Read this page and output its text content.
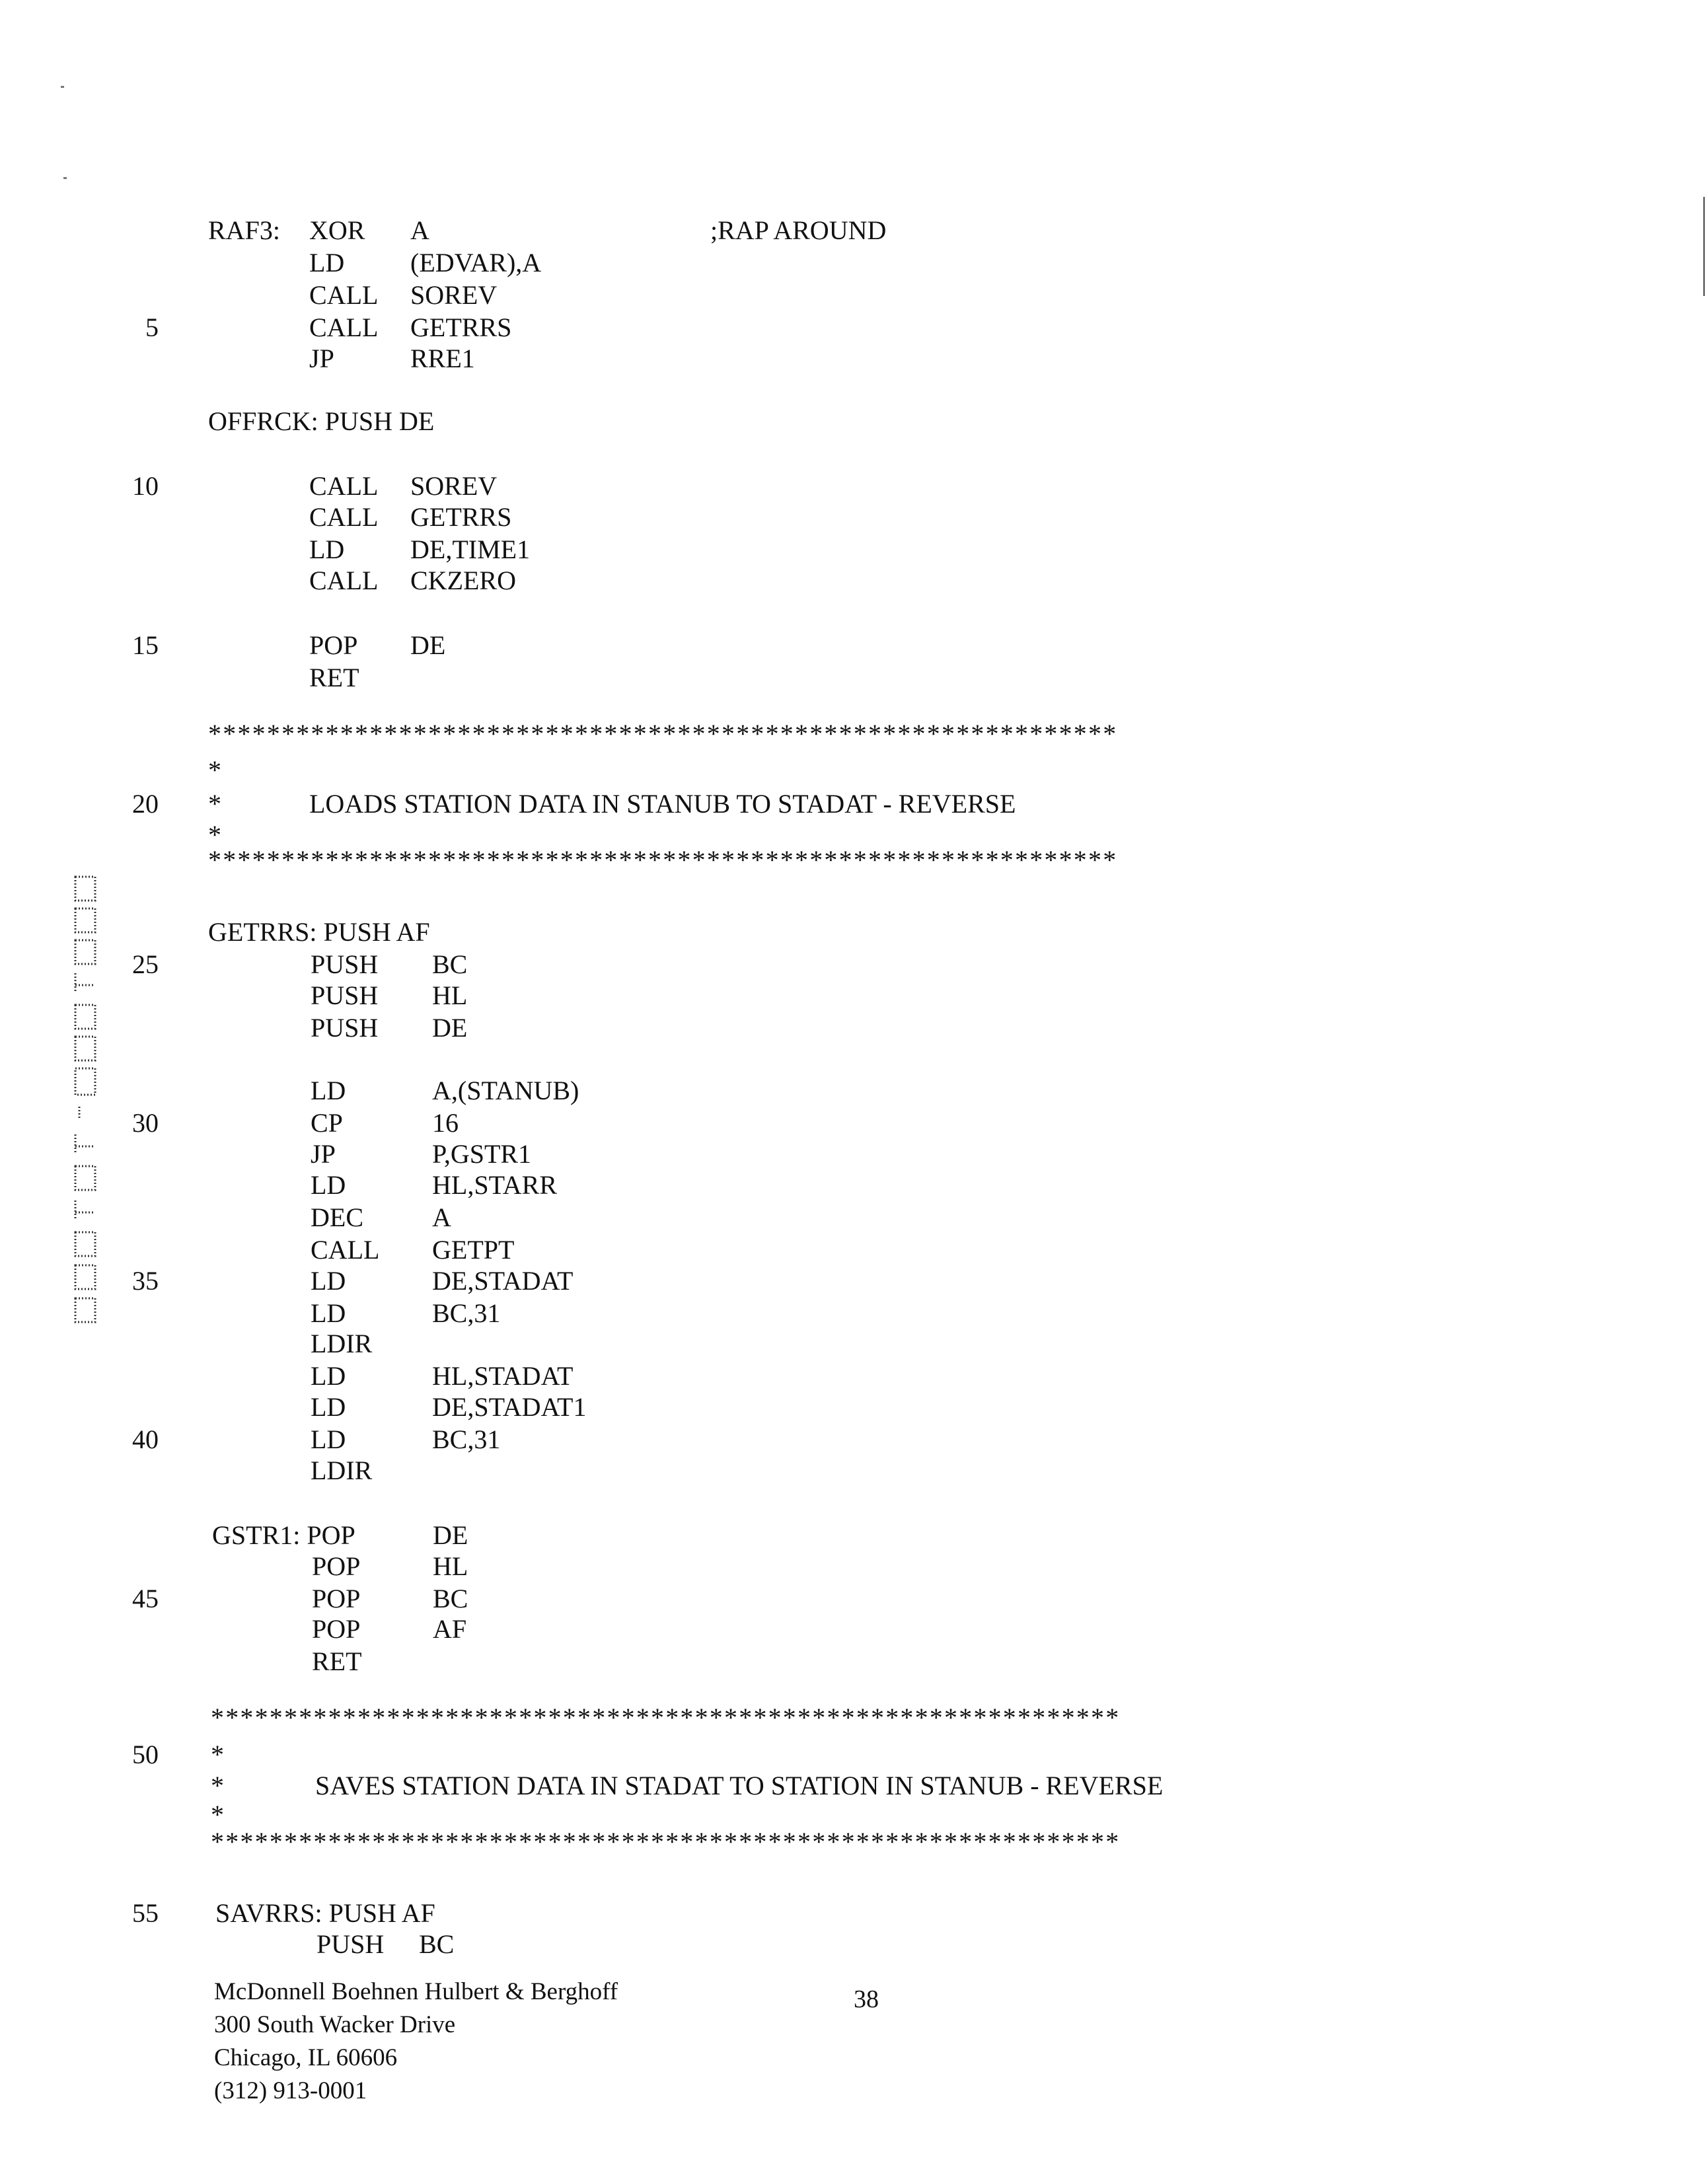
RAF3: XOR A	;RAP AROUND
LD (EDVAR),A
CALL SOREV
5	CALL GETRRS
JP	RRE1
OFFRCK: PUSH DE
10	CALL SOREV
CALL GETRRS
LD DE,TIME1
CALL CKZERO
15	POP DE
RET
**************************************************************
*
20 *	LOADS STATION DATA IN STANUB TO STADAT - REVERSE
*
**************************************************************
GETRRS: PUSH AF
25	PUSH BC
PUSH HL
PUSH DE
LD	A,(STANUB)
30	CP	16
JP	P,GSTR1
LD	HL,STARR
DEC	A
CALL GETPT
35	LD	DE,STADAT
LD	BC,31
LDIR
LD	HL,STADAT
LD	DE,STADAT1
40	LD	BC,31
LDIR
GSTR1: POP	DE
POP	HL
45	POP	BC
POP	AF
RET
**************************************************************
50 *
*	SAVES STATION DATA IN STADAT TO STATION IN STANUB - REVERSE
*
**************************************************************
55 SAVRRS: PUSH AF
PUSH BC
McDonnell Boehnen Hulbert & Berghoff
300 South Wacker Drive
Chicago, IL 60606
(312) 913-0001
38
